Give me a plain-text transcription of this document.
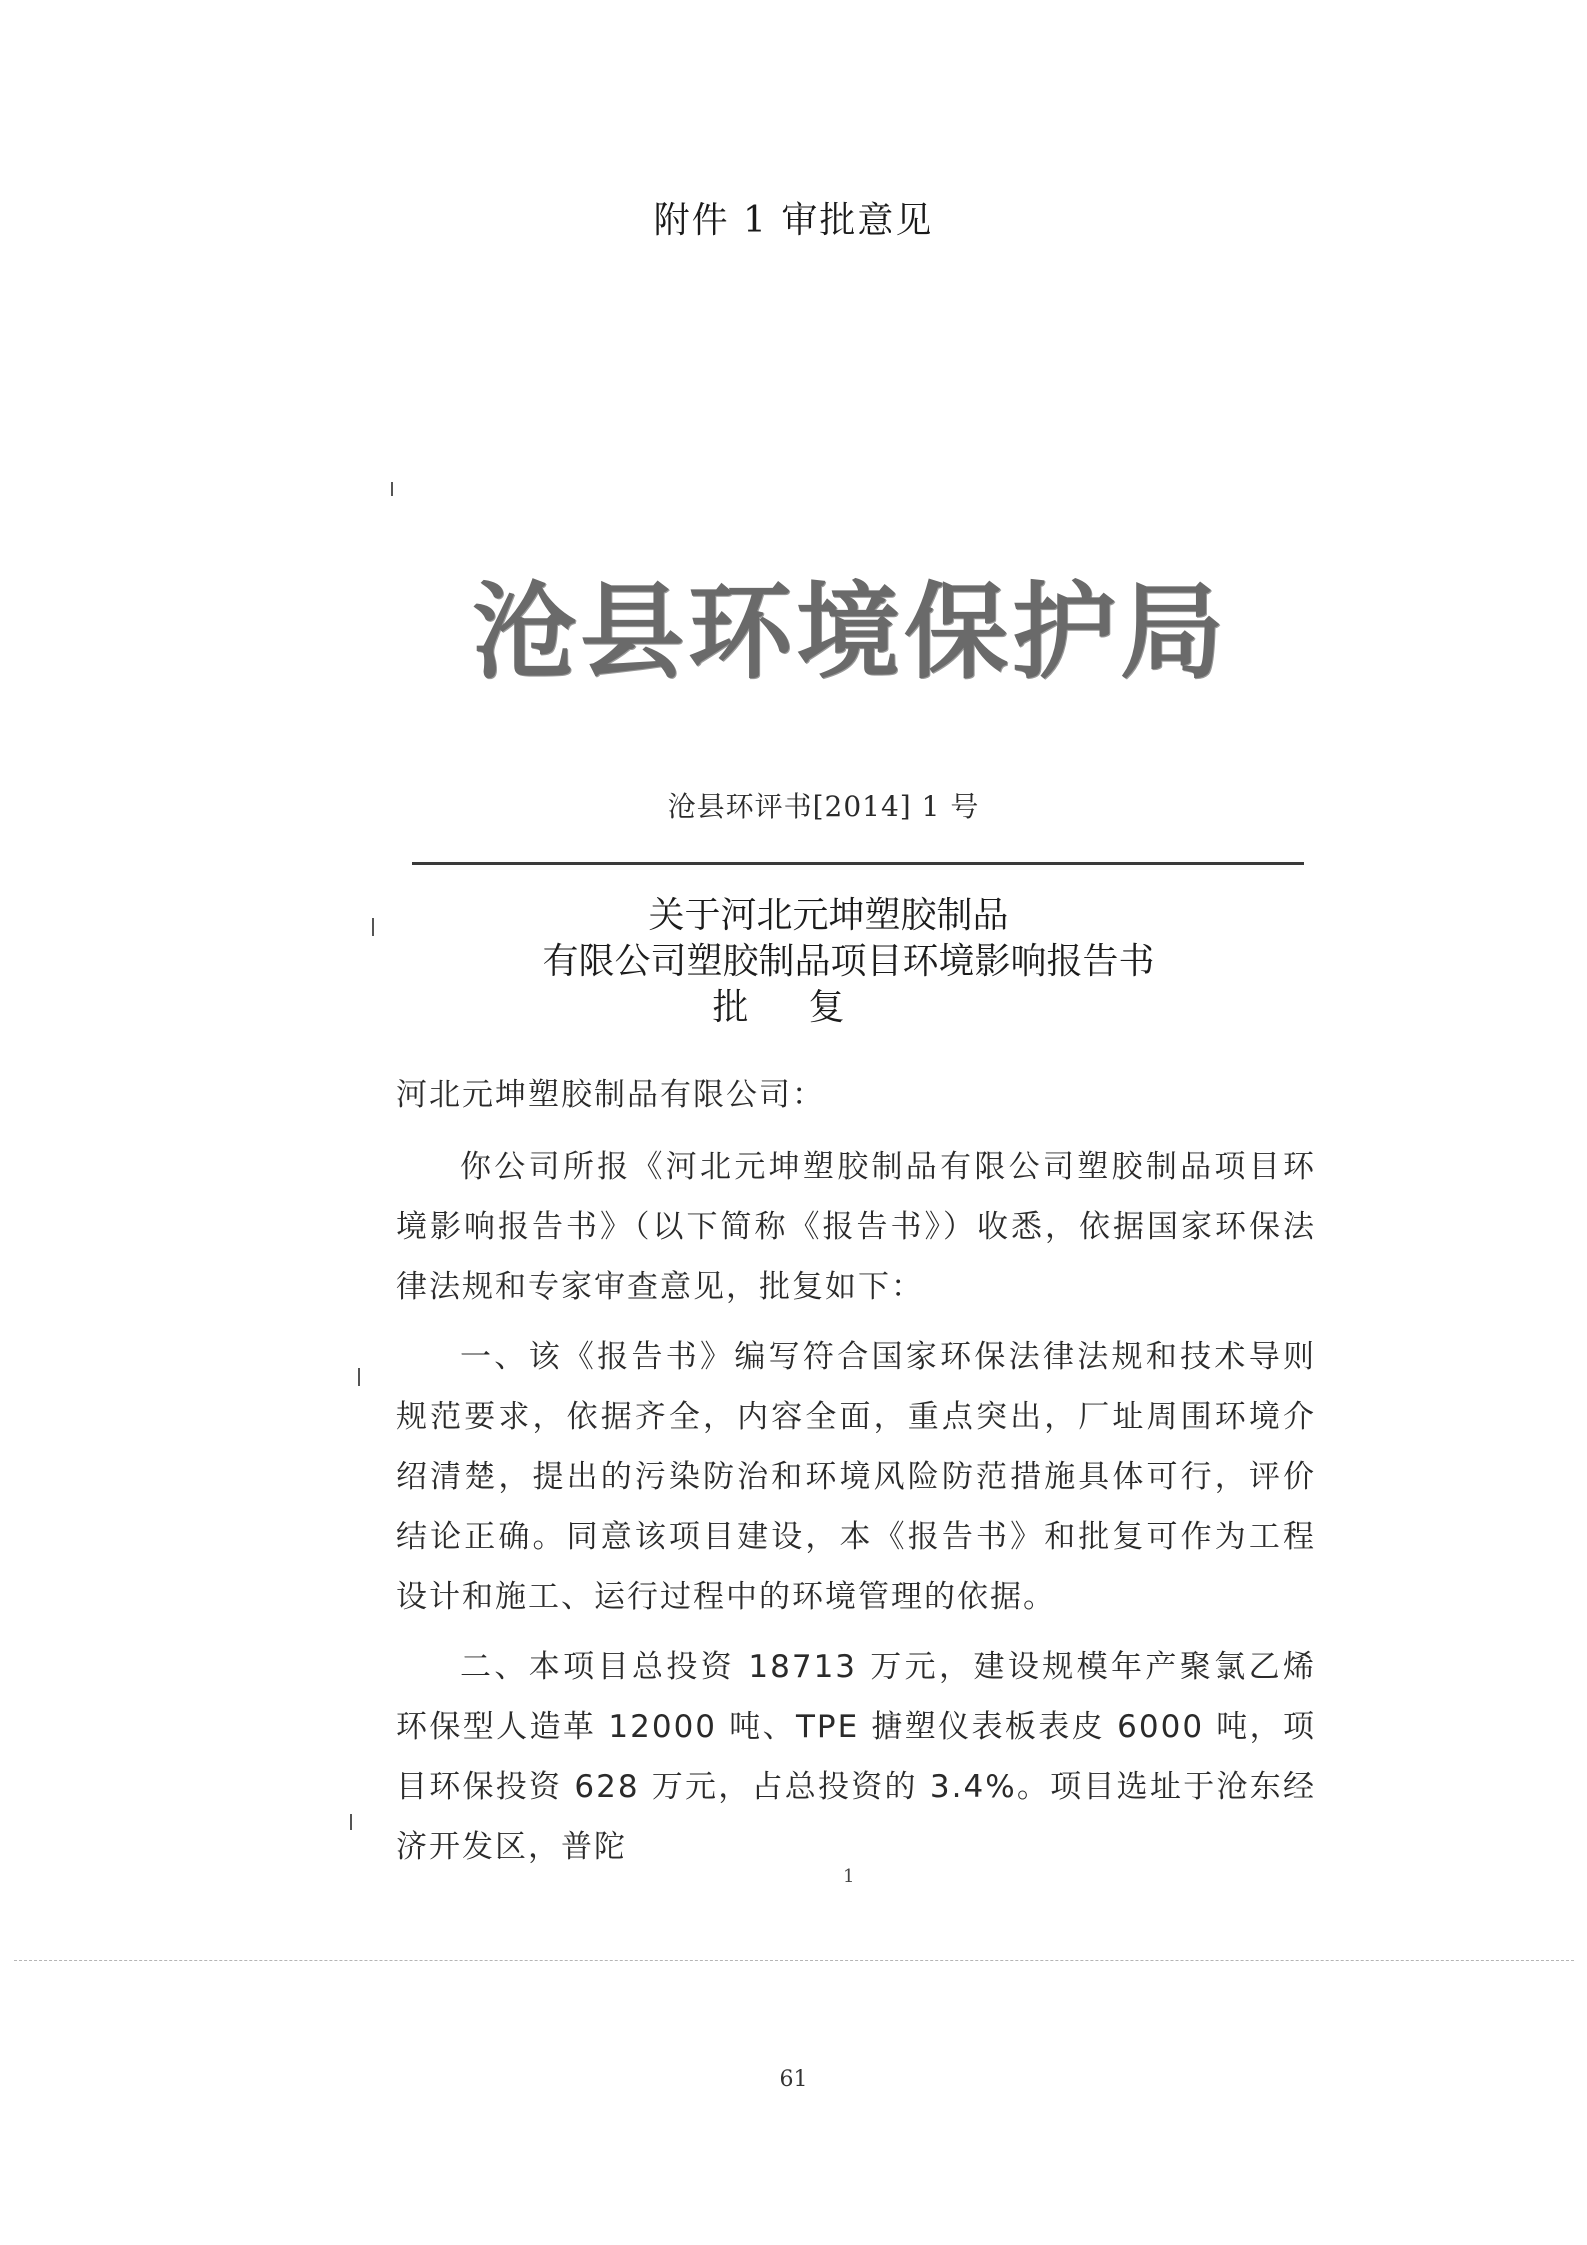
附件 1 审批意见
沧县环境保护局
沧县环评书[2014] 1 号
关于河北元坤塑胶制品
有限公司塑胶制品项目环境影响报告书
批复

河北元坤塑胶制品有限公司：

你公司所报《河北元坤塑胶制品有限公司塑胶制品项目环境影响报告书》（以下简称《报告书》）收悉，依据国家环保法律法规和专家审查意见，批复如下：

一、该《报告书》编写符合国家环保法律法规和技术导则规范要求，依据齐全，内容全面，重点突出，厂址周围环境介绍清楚，提出的污染防治和环境风险防范措施具体可行，评价结论正确。同意该项目建设，本《报告书》和批复可作为工程设计和施工、运行过程中的环境管理的依据。

二、本项目总投资 18713 万元，建设规模年产聚氯乙烯环保型人造革 12000 吨、TPE 搪塑仪表板表皮 6000 吨，项目环保投资 628 万元，占总投资的 3.4%。项目选址于沧东经济开发区，普陀

1
61
